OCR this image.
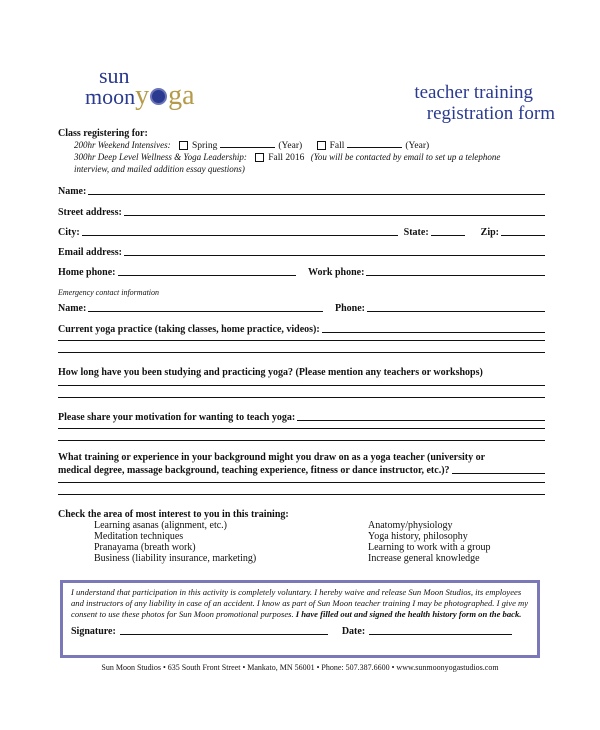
sun
moony ga	teacher training
registration form
Class registering for:
200hr Weekend Intensives: Spring	(Year)	Fall	(Year)
300hr Deep Level Wellness & Yoga Leadership: Fall 2016 (You will be contacted by email to set up a telephone
interview, and mailed addition essay questions)
Name:
Street address:
City:	State:	Zip:
Email address:
Home phone:	Work phone:
Emergency contact information
Name:	Phone:
Current yoga practice (taking classes, home practice, videos):
How long have you been studying and practicing yoga? (Please mention any teachers or workshops)
Please share your motivation for wanting to teach yoga:
What training or experience in your background might you draw on as a yoga teacher (university or
medical degree, massage background, teaching experience, fitness or dance instructor, etc.)?
Check the area of most interest to you in this training:
Learning asanas (alignment, etc.)
Meditation techniques
Pranayama (breath work)
Business (liability insurance, marketing)
Anatomy/physiology
Yoga history, philosophy
Learning to work with a group
Increase general knowledge
I understand that participation in this activity is completely voluntary. I hereby waive and release Sun Moon Studios, its employees and instructors of any liability in case of an accident. I know as part of Sun Moon teacher training I may be photographed. I give my consent to use these photos for Sun Moon promotional purposes. I have filled out and signed the health history form on the back.
Signature:	Date:
Sun Moon Studios • 635 South Front Street • Mankato, MN 56001 • Phone: 507.387.6600 • www.sunmoonyogastudios.com
